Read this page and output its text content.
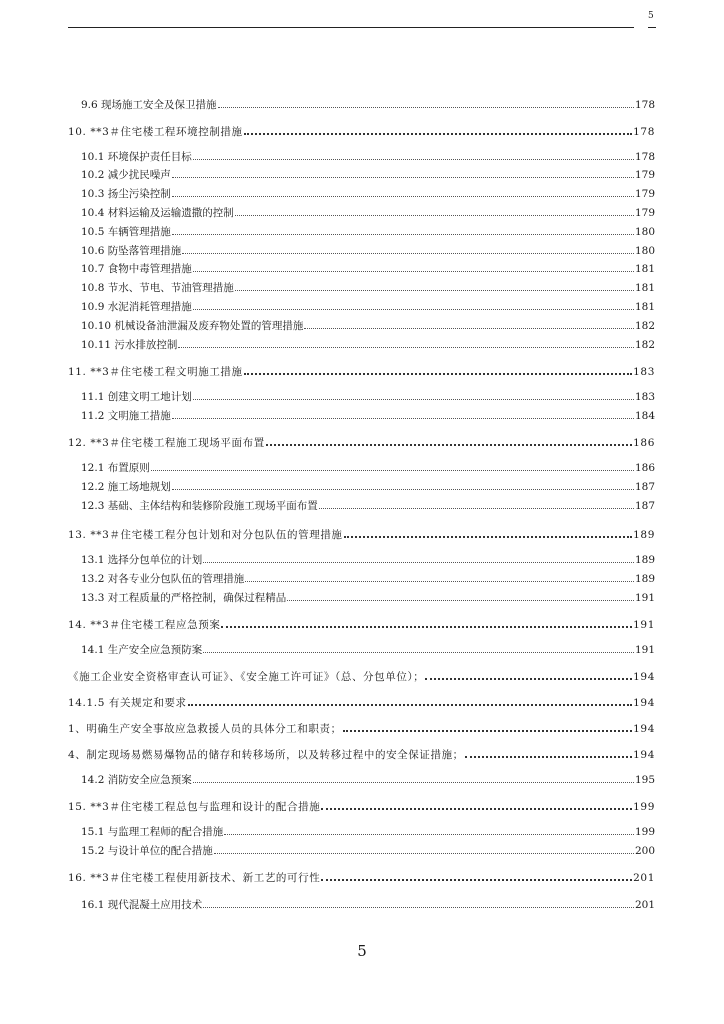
5
9.6 现场施工安全及保卫措施	178
10. **3＃住宅楼工程环境控制措施	178
10.1 环境保护责任目标	178
10.2 减少扰民噪声	179
10.3 扬尘污染控制	179
10.4 材料运输及运输遗撒的控制	179
10.5 车辆管理措施	180
10.6 防坠落管理措施	180
10.7 食物中毒管理措施	181
10.8 节水、节电、节油管理措施	181
10.9 水泥消耗管理措施	181
10.10 机械设备油泄漏及废弃物处置的管理措施	182
10.11 污水排放控制	182
11. **3＃住宅楼工程文明施工措施	183
11.1 创建文明工地计划	183
11.2 文明施工措施	184
12. **3＃住宅楼工程施工现场平面布置	186
12.1 布置原则	186
12.2 施工场地规划	187
12.3 基础、主体结构和装修阶段施工现场平面布置	187
13. **3＃住宅楼工程分包计划和对分包队伍的管理措施	189
13.1 选择分包单位的计划	189
13.2 对各专业分包队伍的管理措施	189
13.3 对工程质量的严格控制，确保过程精品	191
14. **3＃住宅楼工程应急预案	191
14.1 生产安全应急预防案	191
《施工企业安全资格审查认可证》、《安全施工许可证》（总、分包单位）；	194
14.1.5 有关规定和要求	194
1、明确生产安全事故应急救援人员的具体分工和职责；	194
4、制定现场易燃易爆物品的储存和转移场所，以及转移过程中的安全保证措施；	194
14.2 消防安全应急预案	195
15. **3＃住宅楼工程总包与监理和设计的配合措施	199
15.1 与监理工程师的配合措施	199
15.2 与设计单位的配合措施	200
16. **3＃住宅楼工程使用新技术、新工艺的可行性	201
16.1 现代混凝土应用技术	201
5
